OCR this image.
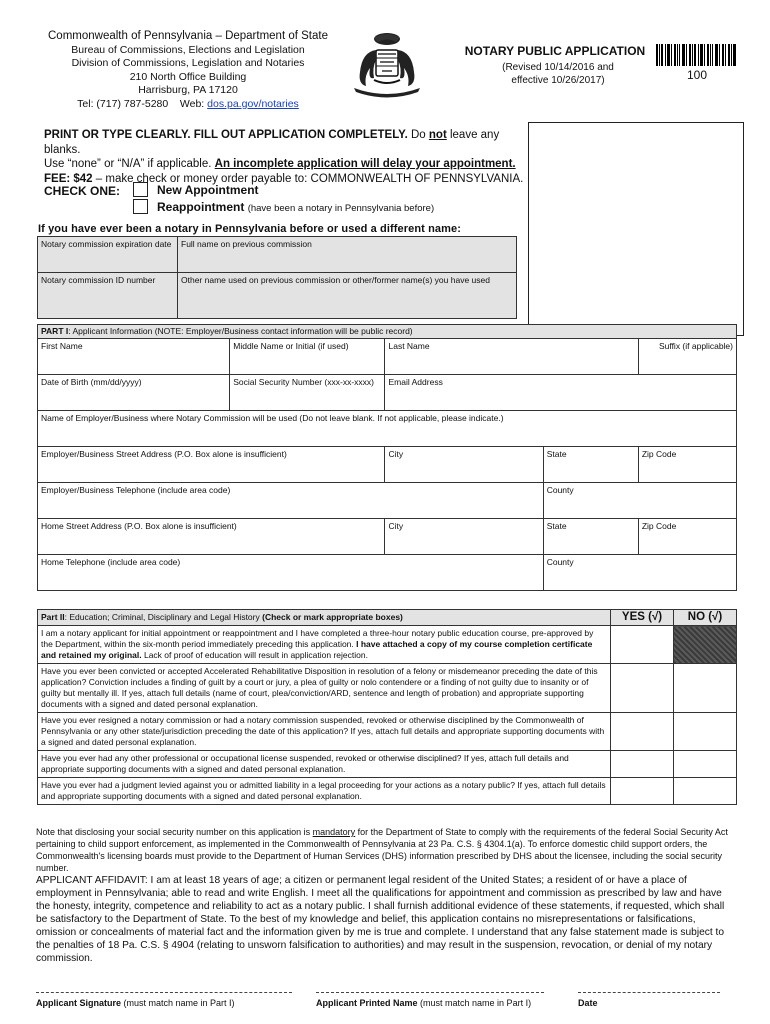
Commonwealth of Pennsylvania – Department of State
Bureau of Commissions, Elections and Legislation
Division of Commissions, Legislation and Notaries
210 North Office Building
Harrisburg, PA 17120
Tel: (717) 787-5280 Web: dos.pa.gov/notaries
NOTARY PUBLIC APPLICATION
(Revised 10/14/2016 and
effective 10/26/2017)	100
PRINT OR TYPE CLEARLY. FILL OUT APPLICATION COMPLETELY. Do not leave any blanks.
Use “none” or “N/A” if applicable. An incomplete application will delay your appointment.
FEE: $42 – make check or money order payable to: COMMONWEALTH OF PENNSYLVANIA.
CHECK ONE:	New Appointment
Reappointment (have been a notary in Pennsylvania before)
If you have ever been a notary in Pennsylvania before or used a different name:
Notary commission expiration date	Full name on previous commission
Notary commission ID number	Other name used on previous commission or other/former name(s) you have used
PART I: Applicant Information (NOTE: Employer/Business contact information will be public record)				
First Name	Middle Name or Initial (if used)	Last Name		Suffix (if applicable)
Date of Birth (mm/dd/yyyy)	Social Security Number (xxx-xx-xxxx)	Email Address		
Name of Employer/Business where Notary Commission will be used (Do not leave blank. If not applicable, please indicate.)				
Employer/Business Street Address (P.O. Box alone is insufficient)		City	State	Zip Code
Employer/Business Telephone (include area code)			County	
Home Street Address (P.O. Box alone is insufficient)		City	State	Zip Code
Home Telephone (include area code)			County	
Part II: Education; Criminal, Disciplinary and Legal History (Check or mark appropriate boxes)	YES (√)	NO (√)
I am a notary applicant for initial appointment or reappointment and I have completed a three-hour notary public education course, pre-approved by the Department, within the six-month period immediately preceding this application. I have attached a copy of my course completion certificate and retained my original. Lack of proof of education will result in application rejection.		
Have you ever been convicted or accepted Accelerated Rehabilitative Disposition in resolution of a felony or misdemeanor preceding the date of this application? Conviction includes a finding of guilt by a court or jury, a plea of guilty or nolo contendere or a finding of not guilty due to insanity or of guilty but mentally ill. If yes, attach full details (name of court, plea/conviction/ARD, sentence and length of probation) and appropriate supporting documents with a signed and dated personal explanation.		
Have you ever resigned a notary commission or had a notary commission suspended, revoked or otherwise disciplined by the Commonwealth of Pennsylvania or any other state/jurisdiction preceding the date of this application? If yes, attach full details and appropriate supporting documents with a signed and dated personal explanation.		
Have you ever had any other professional or occupational license suspended, revoked or otherwise disciplined? If yes, attach full details and appropriate supporting documents with a signed and dated personal explanation.		
Have you ever had a judgment levied against you or admitted liability in a legal proceeding for your actions as a notary public? If yes, attach full details and appropriate supporting documents with a signed and dated personal explanation.		
Note that disclosing your social security number on this application is mandatory for the Department of State to comply with the requirements of the federal Social Security Act pertaining to child support enforcement, as implemented in the Commonwealth of Pennsylvania at 23 Pa. C.S. § 4304.1(a). To enforce domestic child support orders, the Commonwealth's licensing boards must provide to the Department of Human Services (DHS) information prescribed by DHS about the licensee, including the social security number.
APPLICANT AFFIDAVIT: I am at least 18 years of age; a citizen or permanent legal resident of the United States; a resident of or have a place of employment in Pennsylvania; able to read and write English. I meet all the qualifications for appointment and commission as prescribed by law and have the honesty, integrity, competence and reliability to act as a notary public. I shall furnish additional evidence of these statements, if requested, which shall be satisfactory to the Department of State. To the best of my knowledge and belief, this application contains no misrepresentations or falsifications, omission or concealments of material fact and the information given by me is true and complete. I understand that any false statement made is subject to the penalties of 18 Pa. C.S. § 4904 (relating to unsworn falsification to authorities) and may result in the suspension, revocation, or denial of my notary commission.
Applicant Signature (must match name in Part I)	Applicant Printed Name (must match name in Part I)	Date
